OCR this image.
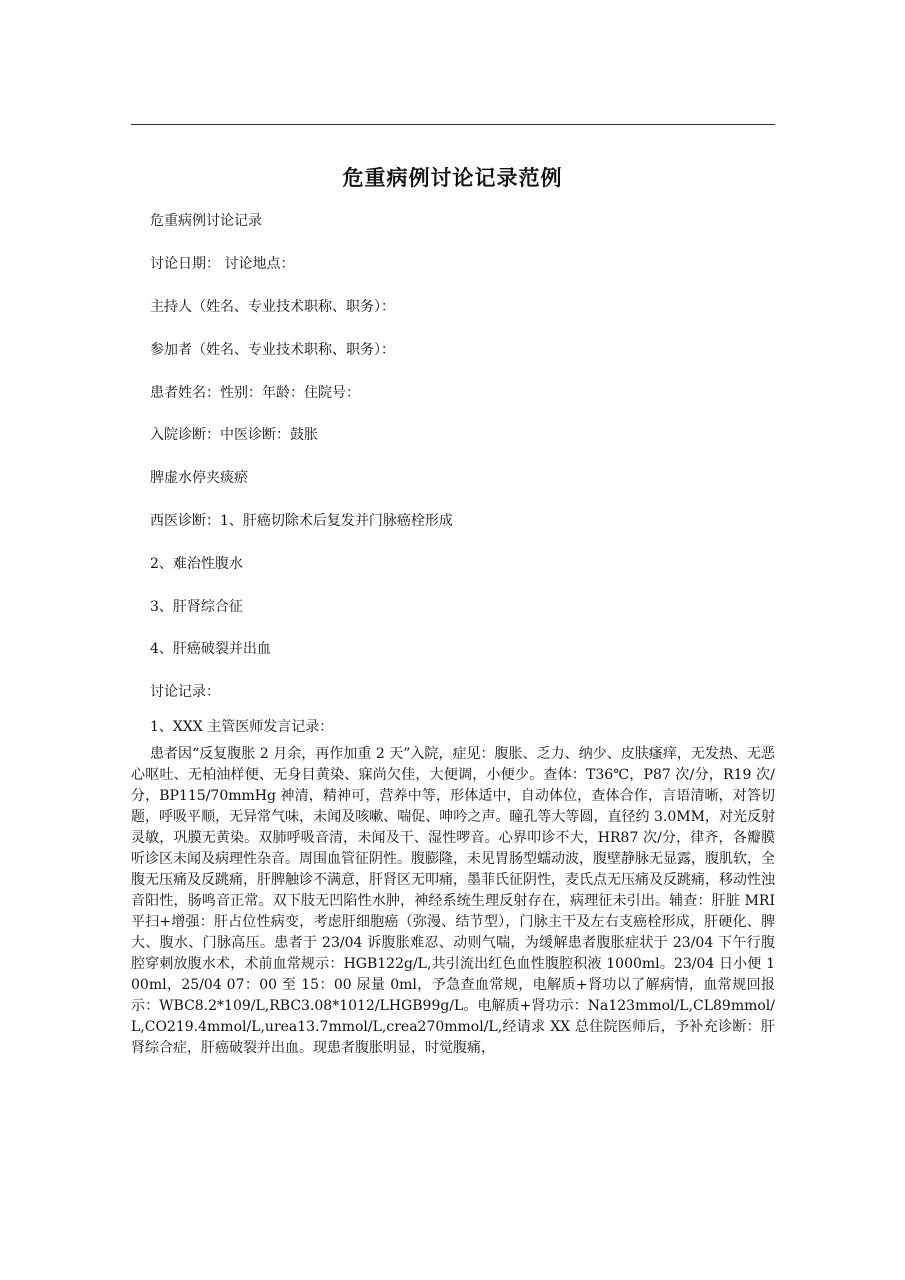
危重病例讨论记录范例
危重病例讨论记录
讨论日期： 讨论地点：
主持人（姓名、专业技术职称、职务）：
参加者（姓名、专业技术职称、职务）：
患者姓名：性别：年龄：住院号：
入院诊断：中医诊断：鼓胀
脾虚水停夹痰瘀
西医诊断：1、肝癌切除术后复发并门脉癌栓形成
2、难治性腹水
3、肝肾综合征
4、肝癌破裂并出血
讨论记录：
1、XXX 主管医师发言记录：
患者因“反复腹胀 2 月余，再作加重 2 天”入院，症见：腹胀、乏力、纳少、皮肤瘙痒，无发热、无恶心呕吐、无柏油样便、无身目黄染、寐尚欠佳，大便调，小便少。查体：T36℃，P87 次/分，R19 次/分，BP115/70mmHg 神清，精神可，营养中等，形体适中，自动体位，查体合作，言语清晰，对答切题，呼吸平顺，无异常气味，未闻及咳嗽、喘促、呻吟之声。瞳孔等大等圆，直径约 3.0MM，对光反射灵敏，巩膜无黄染。双肺呼吸音清，未闻及干、湿性啰音。心界叩诊不大，HR87 次/分，律齐，各瓣膜听诊区未闻及病理性杂音。周围血管征阴性。腹膨隆，未见胃肠型蠕动波，腹壁静脉无显露，腹肌软，全腹无压痛及反跳痛，肝脾触诊不满意，肝肾区无叩痛，墨菲氏征阴性，麦氏点无压痛及反跳痛，移动性浊音阳性，肠鸣音正常。双下肢无凹陷性水肿，神经系统生理反射存在，病理征未引出。辅查：肝脏 MRI 平扫+增强：肝占位性病变，考虑肝细胞癌（弥漫、结节型），门脉主干及左右支癌栓形成，肝硬化、脾大、腹水、门脉高压。患者于 23/04 诉腹胀难忍、动则气喘，为缓解患者腹胀症状于 23/04 下午行腹腔穿刺放腹水术，术前血常规示：HGB122g/L,共引流出红色血性腹腔积液 1000ml。23/04 日小便 100ml，25/04 07：00 至 15：00 尿量 0ml，予急查血常规，电解质+肾功以了解病情，血常规回报示：WBC8.2*109/L,RBC3.08*1012/LHGB99g/L。电解质+肾功示：Na123mmol/L,CL89mmol/L,CO219.4mmol/L,urea13.7mmol/L,crea270mmol/L,经请求 XX 总住院医师后，予补充诊断：肝肾综合症，肝癌破裂并出血。现患者腹胀明显，时觉腹痛，
